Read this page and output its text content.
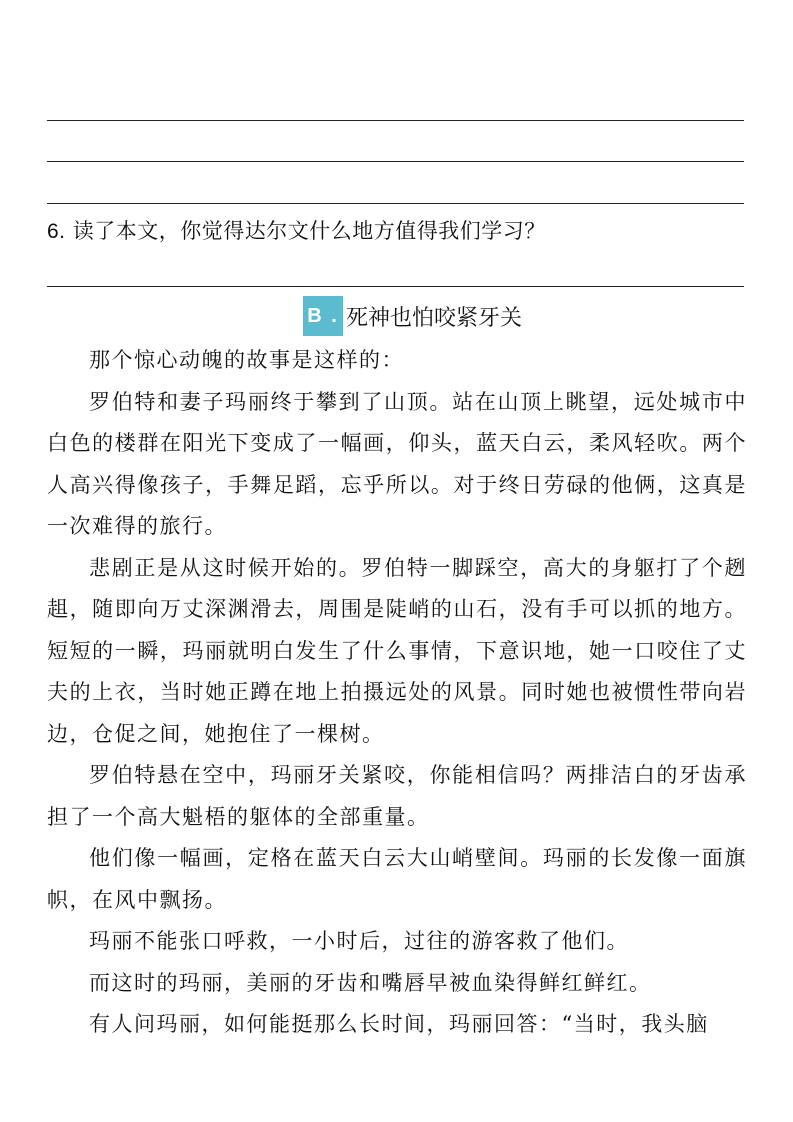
6. 读了本文，你觉得达尔文什么地方值得我们学习？
B . 死神也怕咬紧牙关

那个惊心动魄的故事是这样的：

罗伯特和妻子玛丽终于攀到了山顶。站在山顶上眺望，远处城市中白色的楼群在阳光下变成了一幅画，仰头，蓝天白云，柔风轻吹。两个人高兴得像孩子，手舞足蹈，忘乎所以。对于终日劳碌的他俩，这真是一次难得的旅行。

悲剧正是从这时候开始的。罗伯特一脚踩空，高大的身躯打了个趔趄，随即向万丈深渊滑去，周围是陡峭的山石，没有手可以抓的地方。短短的一瞬，玛丽就明白发生了什么事情，下意识地，她一口咬住了丈夫的上衣，当时她正蹲在地上拍摄远处的风景。同时她也被惯性带向岩边，仓促之间，她抱住了一棵树。

罗伯特悬在空中，玛丽牙关紧咬，你能相信吗？两排洁白的牙齿承担了一个高大魁梧的躯体的全部重量。

他们像一幅画，定格在蓝天白云大山峭壁间。玛丽的长发像一面旗帜，在风中飘扬。

玛丽不能张口呼救，一小时后，过往的游客救了他们。

而这时的玛丽，美丽的牙齿和嘴唇早被血染得鲜红鲜红。

有人问玛丽，如何能挺那么长时间，玛丽回答：“当时，我头脑
